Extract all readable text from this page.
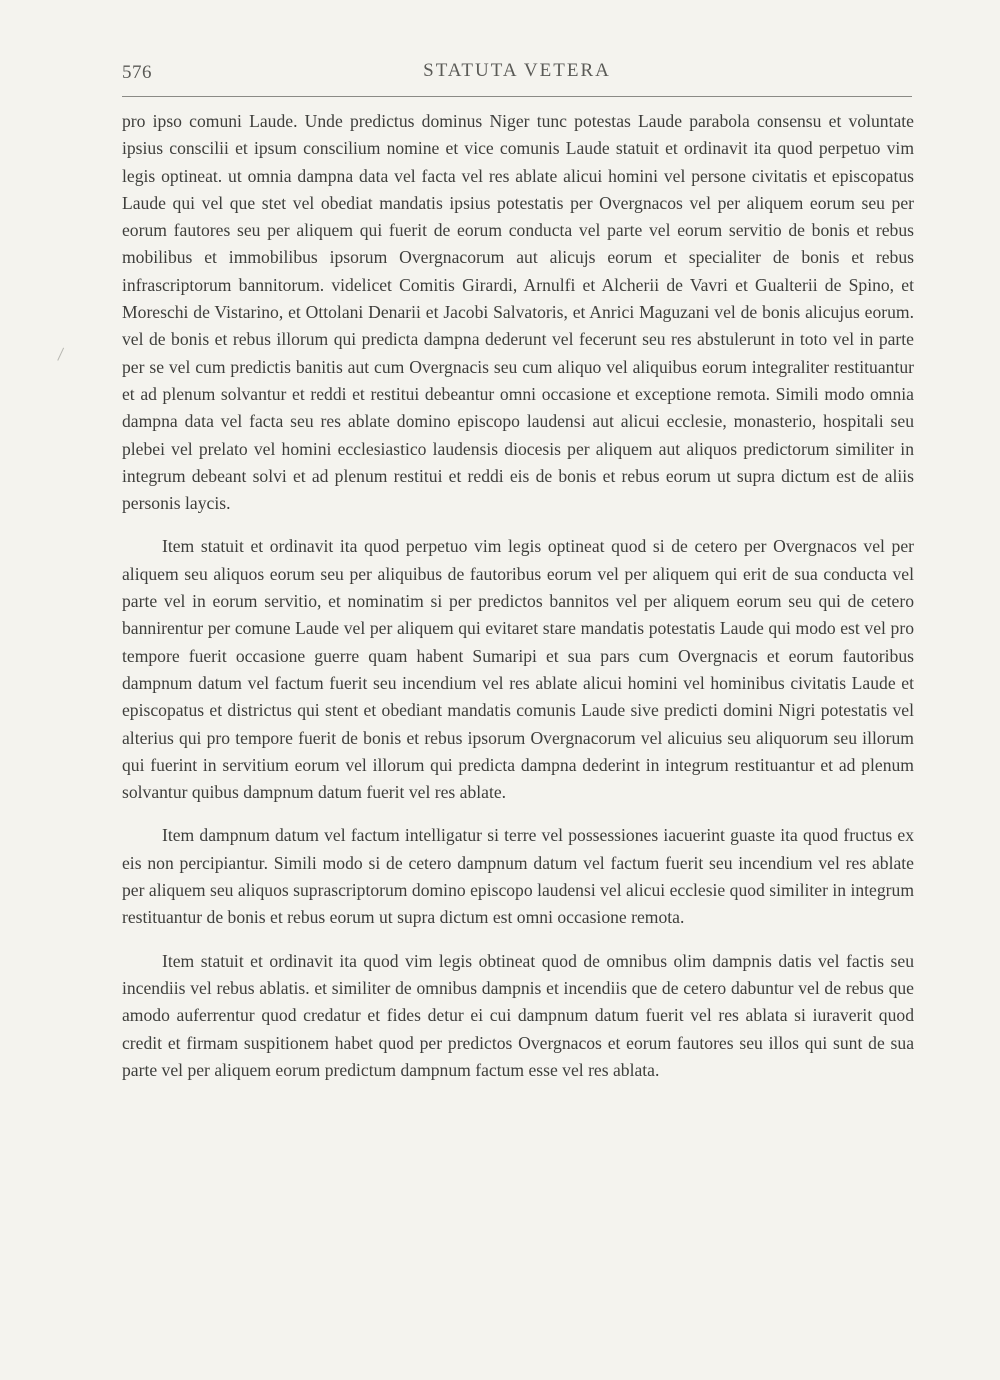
576	STATUTA VETERA

pro ipso comuni Laude. Unde predictus dominus Niger tunc potestas Laude parabola consensu et voluntate ipsius conscilii et ipsum conscilium nomine et vice comunis Laude statuit et ordinavit ita quod perpetuo vim legis optineat. ut omnia dampna data vel facta vel res ablate alicui homini vel persone civitatis et episcopatus Laude qui vel que stet vel obediat mandatis ipsius potestatis per Overgnacos vel per aliquem eorum seu per eorum fautores seu per aliquem qui fuerit de eorum conducta vel parte vel eorum servitio de bonis et rebus mobilibus et immobilibus ipsorum Overgnacorum aut alicujs eorum et specialiter de bonis et rebus infrascriptorum bannitorum. videlicet Comitis Girardi, Arnulfi et Alcherii de Vavri et Gualterii de Spino, et Moreschi de Vistarino, et Ottolani Denarii et Jacobi Salvatoris, et Anrici Maguzani vel de bonis alicujus eorum. vel de bonis et rebus illorum qui predicta dampna dederunt vel fecerunt seu res abstulerunt in toto vel in parte per se vel cum predictis banitis aut cum Overgnacis seu cum aliquo vel aliquibus eorum integraliter restituantur et ad plenum solvantur et reddi et restitui debeantur omni occasione et exceptione remota. Simili modo omnia dampna data vel facta seu res ablate domino episcopo laudensi aut alicui ecclesie, monasterio, hospitali seu plebei vel prelato vel homini ecclesiastico laudensis diocesis per aliquem aut aliquos predictorum similiter in integrum debeant solvi et ad plenum restitui et reddi eis de bonis et rebus eorum ut supra dictum est de aliis personis laycis.

Item statuit et ordinavit ita quod perpetuo vim legis optineat quod si de cetero per Overgnacos vel per aliquem seu aliquos eorum seu per aliquibus de fautoribus eorum vel per aliquem qui erit de sua conducta vel parte vel in eorum servitio, et nominatim si per predictos bannitos vel per aliquem eorum seu qui de cetero bannirentur per comune Laude vel per aliquem qui evitaret stare mandatis potestatis Laude qui modo est vel pro tempore fuerit occasione guerre quam habent Sumaripi et sua pars cum Overgnacis et eorum fautoribus dampnum datum vel factum fuerit seu incendium vel res ablate alicui homini vel hominibus civitatis Laude et episcopatus et districtus qui stent et obediant mandatis comunis Laude sive predicti domini Nigri potestatis vel alterius qui pro tempore fuerit de bonis et rebus ipsorum Overgnacorum vel alicuius seu aliquorum seu illorum qui fuerint in servitium eorum vel illorum qui predicta dampna dederint in integrum restituantur et ad plenum solvantur quibus dampnum datum fuerit vel res ablate.

Item dampnum datum vel factum intelligatur si terre vel possessiones iacuerint guaste ita quod fructus ex eis non percipiantur. Simili modo si de cetero dampnum datum vel factum fuerit seu incendium vel res ablate per aliquem seu aliquos suprascriptorum domino episcopo laudensi vel alicui ecclesie quod similiter in integrum restituantur de bonis et rebus eorum ut supra dictum est omni occasione remota.

Item statuit et ordinavit ita quod vim legis obtineat quod de omnibus olim dampnis datis vel factis seu incendiis vel rebus ablatis. et similiter de omnibus dampnis et incendiis que de cetero dabuntur vel de rebus que amodo auferrentur quod credatur et fides detur ei cui dampnum datum fuerit vel res ablata si iuraverit quod credit et firmam suspitionem habet quod per predictos Overgnacos et eorum fautores seu illos qui sunt de sua parte vel per aliquem eorum predictum dampnum factum esse vel res ablata.
